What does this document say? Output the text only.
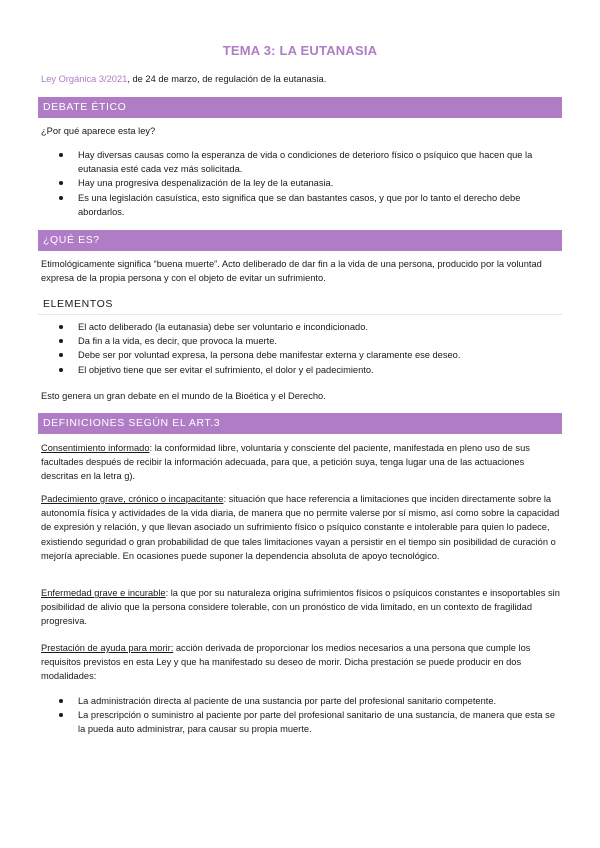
TEMA 3: LA EUTANASIA
Ley Orgánica 3/2021, de 24 de marzo, de regulación de la eutanasia.
DEBATE ÉTICO
¿Por qué aparece esta ley?
Hay diversas causas como la esperanza de vida o condiciones de deterioro físico o psíquico que hacen que la eutanasia esté cada vez más solicitada.
Hay una progresiva despenalización de la ley de la eutanasia.
Es una legislación casuística, esto significa que se dan bastantes casos, y que por lo tanto el derecho debe abordarlos.
¿QUÉ ES?
Etimológicamente significa “buena muerte”. Acto deliberado de dar fin a la vida de una persona, producido por la voluntad expresa de la propia persona y con el objeto de evitar un sufrimiento.
ELEMENTOS
El acto deliberado (la eutanasia) debe ser voluntario e incondicionado.
Da fin a la vida, es decir, que provoca la muerte.
Debe ser por voluntad expresa, la persona debe manifestar externa y claramente ese deseo.
El objetivo tiene que ser evitar el sufrimiento, el dolor y el padecimiento.
Esto genera un gran debate en el mundo de la Bioética y el Derecho.
DEFINICIONES SEGÚN EL ART.3
Consentimiento informado: la conformidad libre, voluntaria y consciente del paciente, manifestada en pleno uso de sus facultades después de recibir la información adecuada, para que, a petición suya, tenga lugar una de las actuaciones descritas en la letra g).
Padecimiento grave, crónico o incapacitante: situación que hace referencia a limitaciones que inciden directamente sobre la autonomía física y actividades de la vida diaria, de manera que no permite valerse por sí mismo, así como sobre la capacidad de expresión y relación, y que llevan asociado un sufrimiento físico o psíquico constante e intolerable para quien lo padece, existiendo seguridad o gran probabilidad de que tales limitaciones vayan a persistir en el tiempo sin posibilidad de curación o mejoría apreciable. En ocasiones puede suponer la dependencia absoluta de apoyo tecnológico.
Enfermedad grave e incurable: la que por su naturaleza origina sufrimientos físicos o psíquicos constantes e insoportables sin posibilidad de alivio que la persona considere tolerable, con un pronóstico de vida limitado, en un contexto de fragilidad progresiva.
Prestación de ayuda para morir: acción derivada de proporcionar los medios necesarios a una persona que cumple los requisitos previstos en esta Ley y que ha manifestado su deseo de morir. Dicha prestación se puede producir en dos modalidades:
La administración directa al paciente de una sustancia por parte del profesional sanitario competente.
La prescripción o suministro al paciente por parte del profesional sanitario de una sustancia, de manera que esta se la pueda auto administrar, para causar su propia muerte.
